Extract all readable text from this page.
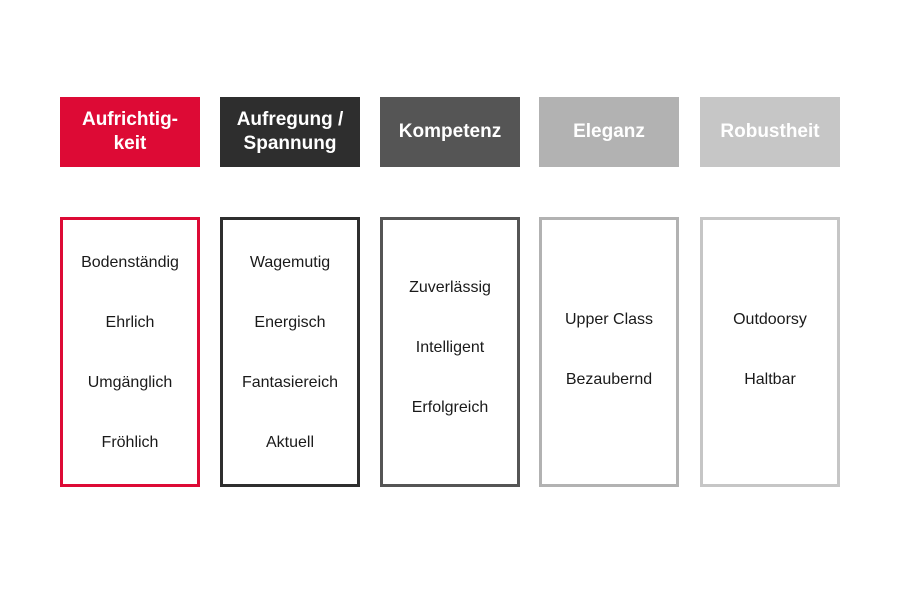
Aufrichtig-
keit
Bodenständig
Ehrlich
Umgänglich
Fröhlich
Aufregung /
Spannung
Wagemutig
Energisch
Fantasiereich
Aktuell
Kompetenz
Zuverlässig
Intelligent
Erfolgreich
Eleganz
Upper Class
Bezaubernd
Robustheit
Outdoorsy
Haltbar
